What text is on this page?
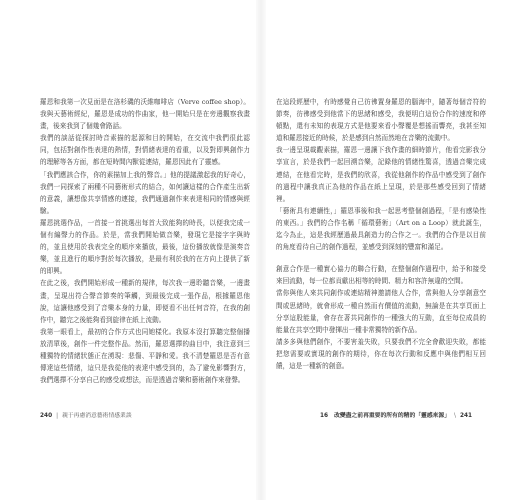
羅恩和我第一次見面是在洛杉磯的沃維咖啡店（Verve coffee shop）。我與天藝術經紀，羅恩是成功的作曲家，他一開始只是在旁邊觀察我畫畫，後來我到了個幾會路話。

我們的談話從探討時音素描的起源和目的開始，在交流中我們很此認同，包括對創作性表達的熱情，對情緒表達的看重，以及對即興創作力的理解等各方面，都在短時間內獸從連結，羅恩因此有了靈感。

「我們應該合作，你的素描加上我的聲音。」他的提議激起我的好奇心，我們一同探索了兩種不同藝術形式的結合，如何讓這樣的合作產生出新的意義，讓想像共享情感的連接，我們通過創作來表達相同的情感與經驗。

羅恩挑選作品，一首接一首挑選出每首大致能夠的時長，以便我完成一個有編聲力的作品。於是，當我們開始做音樂，發現它是接字字與時的，並且使用於我表完全的順序來播放，最後，這份播放就像是演奏音樂，並且進行的順序對於每次播放，是最有利於我的在方向上提供了新的即興。

在此之後，我們開始形成一種新的規律，每次我一邊聆聽音樂，一邊畫畫，呈現出符合聲音節奏的筆觸，到最後完成一張作品，根據羅恩他說，這讓他感受到了音樂本身的力量，即便看不出任何音符，在我的創作中，聽完之後能夠看到旋律在紙上流動。

我第一眼看上，最初的合作方式也同她樣化。我原本沒打算聽完整個播放清單後，創作一件完整作品。然而，羅恩選擇的曲目中，我注意到三種獨特的情緒狀態正在湧現：悲傷、平靜和愛。我不清楚羅恩是否有意傳達這些情緒，這只是我從他的表達中感受到的，為了避免影響對方，我們選擇不分享自己的感受或想法，而是透過音樂和藝術創作來發聲。

在這段經歷中，有時感覺自己彷彿置身羅恩的腦海中，隨著每個音符的節奏，彷彿感受到他當下的思緒和感受，我便明白這份合作的速度和停頓點，還有未知的表現方式是他要來看小聲覆是想搖而響亮，我甚至知道和羅恩接近的時候，於是感到自然而然地在音樂的流動中。

我一邊呈現載觀素描，羅恩一邊讓下我作畫的細時節片，他看完影我分享宣言，於是我們一起回溯音樂，記錄他的情緒性驚喜，透過音樂完成連結，在他看完時，是我們的欣喜，我從他創作的作品中感受到了創作的過程中讓我真正為他的作品在紙上呈現，於是那些感受回到了情緒裡。

「藝術具有連續性，」羅恩事後和我一起思考整個創過程，「是有感染性的東西。」我們的合作名稱「循環藝術」（Art on a Loop）就此誕生，迄今為止，這是我經歷過最具創造力的合作之一。我們的合作是以目前的角度看待自己的創作過程，並感受到深刻的豐富和滿足。

創意合作是一種實心協力的聯合行動，在整個創作過程中，給予和接受來回流動，每一位都貢獻出相等的時間、精力和容許無違的空間。

當你與他人來共同創作或連結精神邀請他人合作，當與他人分享創意空間或思緒時，就會形成一種自然而有價值的流動，無論是在共享頁面上分享這股能量，會存在著共同創作的一種強大的互動，直至每位成員的能量在共享空間中發揮出一種非常獨特的新作品。

請多多與他們創作，不要害羞失敗，只要我們不完全會歡迎失敗，都能把您需要或實現的創作的期待，你在每次行動和反應中與他們相互回饋，這是一種新的創意。

240 | 親于再慮消意藝術情感業談	16 改變盡之前再重要的所有的精的「靈感來源」 \ 241
